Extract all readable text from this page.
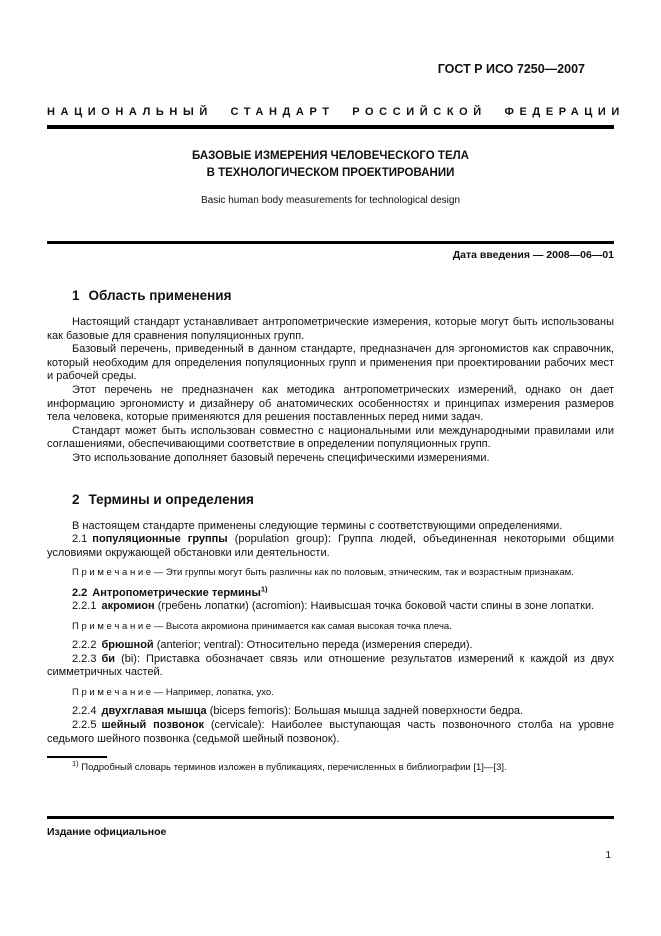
ГОСТ Р ИСО 7250—2007
НАЦИОНАЛЬНЫЙ СТАНДАРТ РОССИЙСКОЙ ФЕДЕРАЦИИ
БАЗОВЫЕ ИЗМЕРЕНИЯ ЧЕЛОВЕЧЕСКОГО ТЕЛА
В ТЕХНОЛОГИЧЕСКОМ ПРОЕКТИРОВАНИИ
Basic human body measurements for technological design
Дата введения — 2008—06—01
1 Область применения

Настоящий стандарт устанавливает антропометрические измерения, которые могут быть использованы как базовые для сравнения популяционных групп.

Базовый перечень, приведенный в данном стандарте, предназначен для эргономистов как справочник, который необходим для определения популяционных групп и применения при проектировании рабочих мест и рабочей среды.

Этот перечень не предназначен как методика антропометрических измерений, однако он дает информацию эргономисту и дизайнеру об анатомических особенностях и принципах измерения размеров тела человека, которые применяются для решения поставленных перед ними задач.

Стандарт может быть использован совместно с национальными или международными правилами или соглашениями, обеспечивающими соответствие в определении популяционных групп.

Это использование дополняет базовый перечень специфическими измерениями.

2 Термины и определения

В настоящем стандарте применены следующие термины с соответствующими определениями.

2.1 популяционные группы (population group): Группа людей, объединенная некоторыми общими условиями окружающей обстановки или деятельности.

П р и м е ч а н и е — Эти группы могут быть различны как по половым, этническим, так и возрастным признакам.

2.2 Антропометрические термины$^{1)}$

2.2.1 акромион (гребень лопатки) (acromion): Наивысшая точка боковой части спины в зоне лопатки.

П р и м е ч а н и е — Высота акромиона принимается как самая высокая точка плеча.

2.2.2 брюшной (anterior; ventral): Относительно переда (измерения спереди).

2.2.3 би (bi): Приставка обозначает связь или отношение результатов измерений к каждой из двух симметричных частей.

П р и м е ч а н и е — Например, лопатка, ухо.

2.2.4 двухглавая мышца (biceps femoris): Большая мышца задней поверхности бедра.

2.2.5 шейный позвонок (cervicale): Наиболее выступающая часть позвоночного столба на уровне седьмого шейного позвонка (седьмой шейный позвонок).

$^{1)}$ Подробный словарь терминов изложен в публикациях, перечисленных в библиографии [1]—[3].

Издание официальное
1
